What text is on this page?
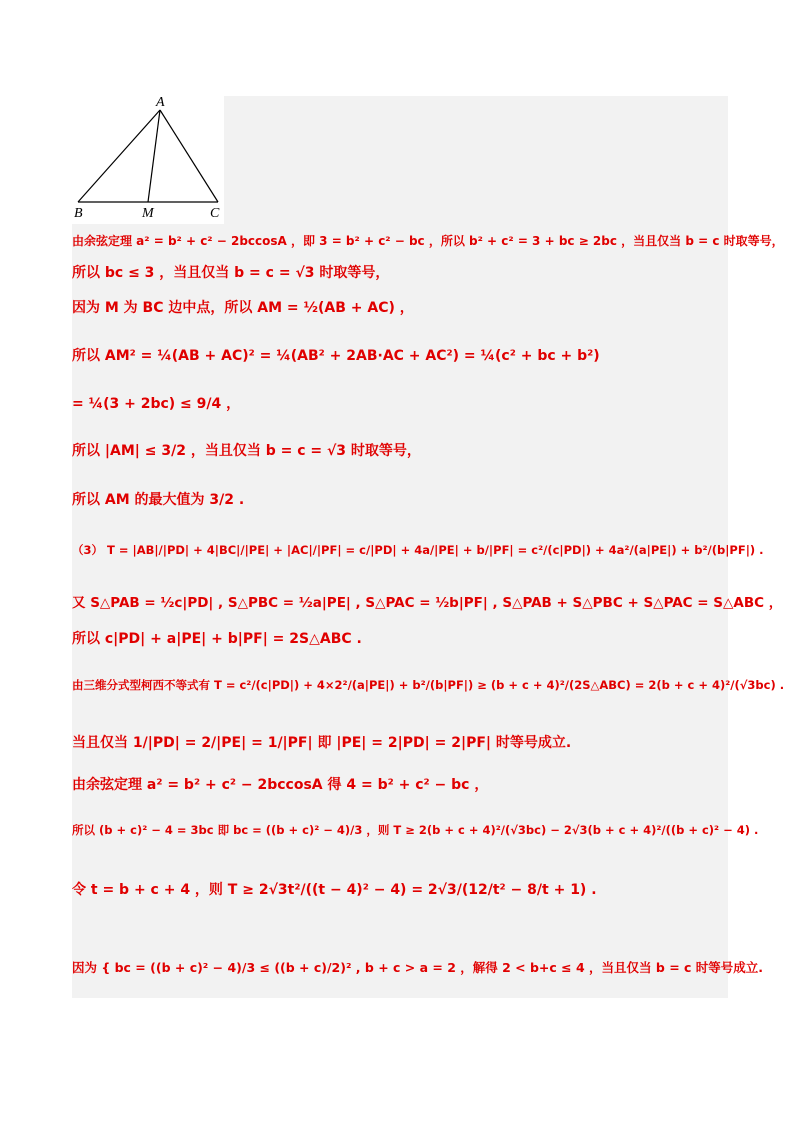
A
B	M	C
由余弦定理 a² = b² + c² − 2bccosA ，即 3 = b² + c² − bc ，所以 b² + c² = 3 + bc ≥ 2bc ，当且仅当 b = c 时取等号，
所以 bc ≤ 3 ，当且仅当 b = c = √3 时取等号，
因为 M 为 BC 边中点，所以 AM = ½(AB + AC) ，
所以 AM² = ¼(AB + AC)² = ¼(AB² + 2AB·AC + AC²) = ¼(c² + bc + b²)
= ¼(3 + 2bc) ≤ 9/4 ，
所以 |AM| ≤ 3/2 ，当且仅当 b = c = √3 时取等号，
所以 AM 的最大值为 3/2 .
（3） T = |AB|/|PD| + 4|BC|/|PE| + |AC|/|PF| = c/|PD| + 4a/|PE| + b/|PF| = c²/(c|PD|) + 4a²/(a|PE|) + b²/(b|PF|) .
又 S△PAB = ½c|PD| , S△PBC = ½a|PE| , S△PAC = ½b|PF| , S△PAB + S△PBC + S△PAC = S△ABC ，
所以 c|PD| + a|PE| + b|PF| = 2S△ABC .
由三维分式型柯西不等式有 T = c²/(c|PD|) + 4×2²/(a|PE|) + b²/(b|PF|) ≥ (b + c + 4)²/(2S△ABC) = 2(b + c + 4)²/(√3bc) .
当且仅当 1/|PD| = 2/|PE| = 1/|PF| 即 |PE| = 2|PD| = 2|PF| 时等号成立.
由余弦定理 a² = b² + c² − 2bccosA 得 4 = b² + c² − bc ，
所以 (b + c)² − 4 = 3bc 即 bc = ((b + c)² − 4)/3 ，则 T ≥ 2(b + c + 4)²/(√3bc) − 2√3(b + c + 4)²/((b + c)² − 4) .
令 t = b + c + 4 ，则 T ≥ 2√3t²/((t − 4)² − 4) = 2√3/(12/t² − 8/t + 1) .
因为 { bc = ((b + c)² − 4)/3 ≤ ((b + c)/2)² , b + c > a = 2 ，解得 2 < b+c ≤ 4 ，当且仅当 b = c 时等号成立.
